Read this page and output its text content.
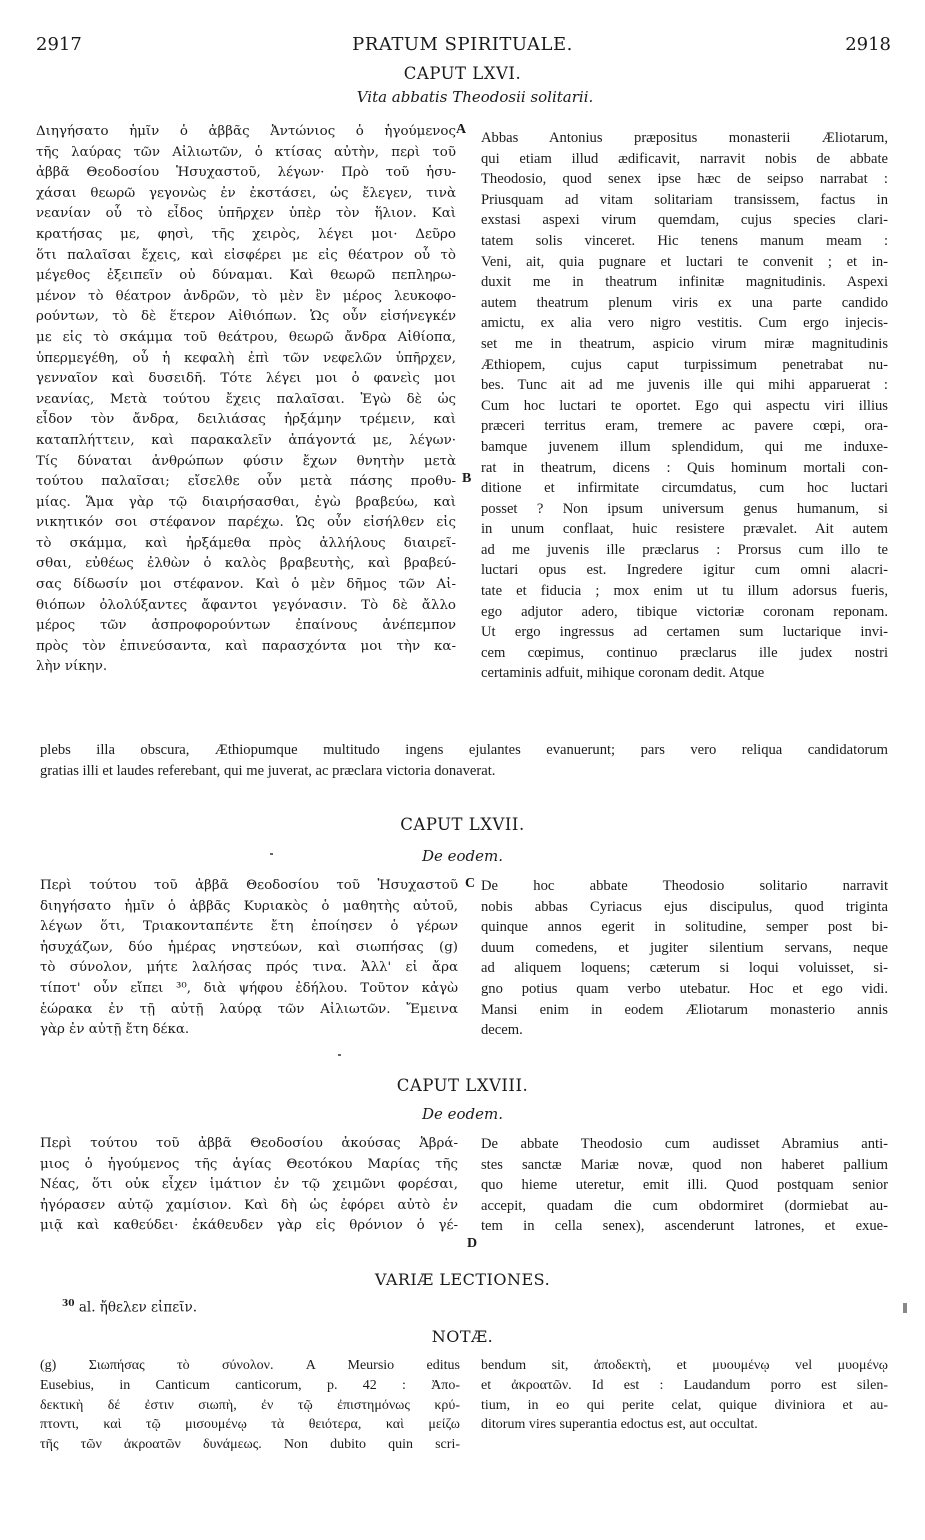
2917	PRATUM SPIRITUALE.	2918
CAPUT LXVI.
Vita abbatis Theodosii solitarii.
Διηγήσατο ἡμῖν ὁ ἀββᾶς Ἀντώνιος ὁ ἡγούμενος
τῆς λαύρας τῶν Αἰλιωτῶν, ὁ κτίσας αὐτὴν, περὶ τοῦ
ἀββᾶ Θεοδοσίου Ἡσυχαστοῦ, λέγων· Πρὸ τοῦ ἡσυ-
χάσαι θεωρῶ γεγονὼς ἐν ἐκστάσει, ὡς ἔλεγεν, τινὰ
νεανίαν οὗ τὸ εἶδος ὑπῆρχεν ὑπὲρ τὸν ἥλιον. Καὶ
κρατήσας με, φησὶ, τῆς χειρὸς, λέγει μοι· Δεῦρο
ὅτι παλαῖσαι ἔχεις, καὶ εἰσφέρει με εἰς θέατρον οὗ τὸ
μέγεθος ἐξειπεῖν οὐ δύναμαι. Καὶ θεωρῶ πεπληρω-
μένον τὸ θέατρον ἀνδρῶν, τὸ μὲν ἓν μέρος λευκοφο-
ρούντων, τὸ δὲ ἕτερον Αἰθιόπων. Ὡς οὖν εἰσήνεγκέν
με εἰς τὸ σκάμμα τοῦ θεάτρου, θεωρῶ ἄνδρα Αἰθίοπα,
ὑπερμεγέθη, οὗ ἡ κεφαλὴ ἐπὶ τῶν νεφελῶν ὑπῆρχεν,
γενναῖον καὶ δυσειδῆ. Τότε λέγει μοι ὁ φανεὶς μοι
νεανίας, Μετὰ τούτου ἔχεις παλαῖσαι. Ἐγὼ δὲ ὡς
εἶδον τὸν ἄνδρα, δειλιάσας ἠρξάμην τρέμειν, καὶ
καταπλήττειν, καὶ παρακαλεῖν ἀπάγοντά με, λέγων·
Τίς δύναται ἀνθρώπων φύσιν ἔχων θνητὴν μετὰ
τούτου παλαῖσαι; εἴσελθε οὖν μετὰ πάσης προθυ-
μίας. Ἅμα γὰρ τῷ διαιρήσασθαι, ἐγὼ βραβεύω, καὶ
νικητικόν σοι στέφανον παρέχω. Ὡς οὖν εἰσήλθεν εἰς
τὸ σκάμμα, καὶ ἠρξάμεθα πρὸς ἀλλήλους διαιρεῖ-
σθαι, εὐθέως ἐλθὼν ὁ καλὸς βραβευτὴς, καὶ βραβεύ-
σας δίδωσίν μοι στέφανον. Καὶ ὁ μὲν δῆμος τῶν Αἰ-
θιόπων ὀλολύξαντες ἄφαντοι γεγόνασιν. Τὸ δὲ ἄλλο
μέρος τῶν ἀσπροφορούντων ἐπαίνους ἀνέπεμπον
πρὸς τὸν ἐπινεύσαντα, καὶ παρασχόντα μοι τὴν κα-
λὴν νίκην.
Abbas Antonius præpositus monasterii Æliotarum,
qui etiam illud ædificavit, narravit nobis de abbate
Theodosio, quod senex ipse hæc de seipso narrabat :
Priusquam ad vitam solitariam transissem, factus in
exstasi aspexi virum quemdam, cujus species clari-
tatem solis vinceret. Hic tenens manum meam :
Veni, ait, quia pugnare et luctari te convenit ; et in-
duxit me in theatrum infinitæ magnitudinis. Aspexi
autem theatrum plenum viris ex una parte candido
amictu, ex alia vero nigro vestitis. Cum ergo injecis-
set me in theatrum, aspicio virum miræ magnitudinis
Æthiopem, cujus caput turpissimum penetrabat nu-
bes. Tunc ait ad me juvenis ille qui mihi apparuerat :
Cum hoc luctari te oportet. Ego qui aspectu viri illius
præceri territus eram, tremere ac pavere cœpi, ora-
bamque juvenem illum splendidum, qui me induxe-
rat in theatrum, dicens : Quis hominum mortali con-
ditione et infirmitate circumdatus, cum hoc luctari
posset ? Non ipsum universum genus humanum, si
in unum conflaat, huic resistere prævalet. Ait autem
ad me juvenis ille præclarus : Prorsus cum illo te
luctari opus est. Ingredere igitur cum omni alacri-
tate et fiducia ; mox enim ut tu illum adorsus fueris,
ego adjutor adero, tibique victoriæ coronam reponam.
Ut ergo ingressus ad certamen sum luctarique invi-
cem cœpimus, continuo præclarus ille judex nostri
certaminis adfuit, mihique coronam dedit. Atque
A
B
plebs illa obscura, Æthiopumque multitudo ingens ejulantes evanuerunt; pars vero reliqua candidatorum
gratias illi et laudes referebant, qui me juverat, ac præclara victoria donaverat.
CAPUT LXVII.
De eodem.
Περὶ τούτου τοῦ ἀββᾶ Θεοδοσίου τοῦ Ἡσυχαστοῦ
διηγήσατο ἡμῖν ὁ ἀββᾶς Κυριακὸς ὁ μαθητὴς αὐτοῦ,
λέγων ὅτι, Τριακονταπέντε ἔτη ἐποίησεν ὁ γέρων
ἡσυχάζων, δύο ἡμέρας νηστεύων, καὶ σιωπήσας (g)
τὸ σύνολον, μήτε λαλήσας πρός τινα. Ἀλλ' εἰ ἄρα
τίποτ' οὖν εἴπει ³⁰, διὰ ψήφου ἐδήλου. Τοῦτον κἀγὼ
ἑώρακα ἐν τῇ αὐτῇ λαύρᾳ τῶν Αἰλιωτῶν. Ἔμεινα
γὰρ ἐν αὐτῇ ἔτη δέκα.
De hoc abbate Theodosio solitario narravit
nobis abbas Cyriacus ejus discipulus, quod triginta
quinque annos egerit in solitudine, semper post bi-
duum comedens, et jugiter silentium servans, neque
ad aliquem loquens; cæterum si loqui voluisset, si-
gno potius quam verbo utebatur. Hoc et ego vidi.
Mansi enim in eodem Æliotarum monasterio annis
decem.
C
CAPUT LXVIII.
De eodem.
Περὶ τούτου τοῦ ἀββᾶ Θεοδοσίου ἀκούσας Ἀβρά-
μιος ὁ ἡγούμενος τῆς ἁγίας Θεοτόκου Μαρίας τῆς
Νέας, ὅτι οὐκ εἶχεν ἱμάτιον ἐν τῷ χειμῶνι φορέσαι,
ἠγόρασεν αὐτῷ χαμίσιον. Καὶ δὴ ὡς ἐφόρει αὐτὸ ἐν
μιᾷ καὶ καθεύδει· ἐκάθευδεν γὰρ εἰς θρόνιον ὁ γέ-
De abbate Theodosio cum audisset Abramius anti-
stes sanctæ Mariæ novæ, quod non haberet pallium
quo hieme uteretur, emit illi. Quod postquam senior
accepit, quadam die cum obdormiret (dormiebat au-
tem in cella senex), ascenderunt latrones, et exue-
D
VARIÆ LECTIONES.
$^{30}$ al. ἤθελεν εἰπεῖν.
NOTÆ.
(g) Σιωπήσας τὸ σύνολον. A Meursio editus
Eusebius, in Canticum canticorum, p. 42 : Ἀπο-
δεκτικὴ δέ ἐστιν σιωπὴ, ἐν τῷ ἐπιστημόνως κρύ-
πτοντι, καὶ τῷ μισουμένῳ τὰ θειότερα, καὶ μείζω
τῆς τῶν ἀκροατῶν δυνάμεως. Non dubito quin scri-
bendum sit, ἀποδεκτὴ, et μυουμένῳ vel μυομένῳ
et ἀκροατῶν. Id est : Laudandum porro est silen-
tium, in eo qui perite celat, quique diviniora et au-
ditorum vires superantia edoctus est, aut occultat.
